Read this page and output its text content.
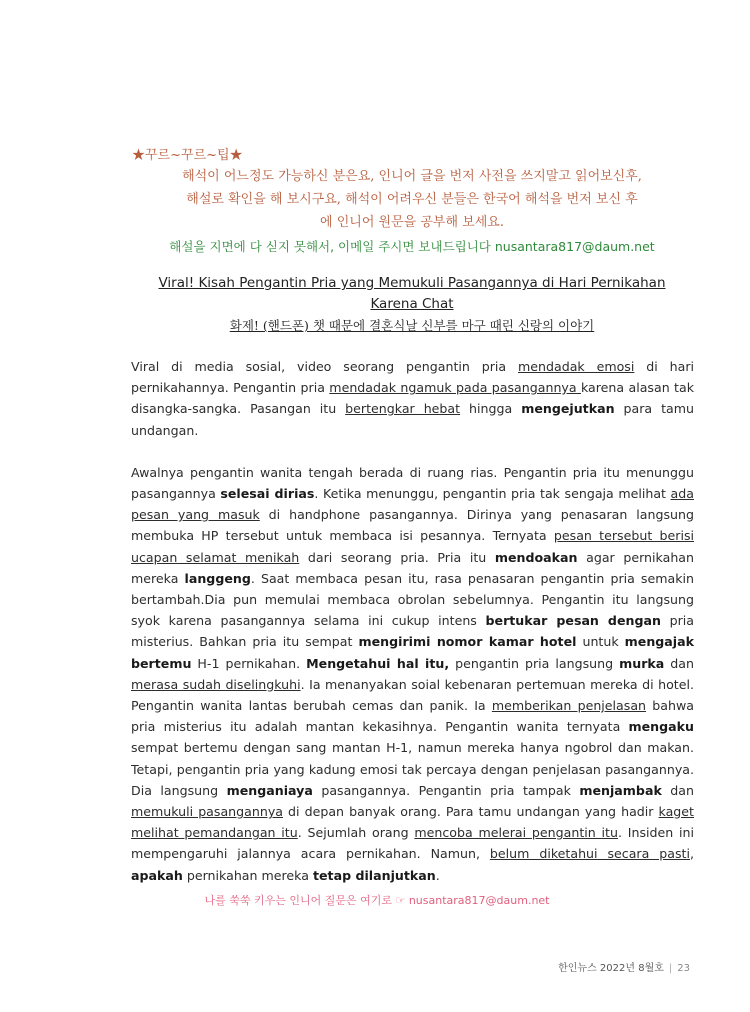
★꾸르~꾸르~팁★
해석이 어느정도 가능하신 분은요, 인니어 글을 번저 사전을 쓰지말고 읽어보신후,
해설로 확인을 해 보시구요, 해석이 어려우신 분들은 한국어 해석을 번저 보신 후
에 인니어 원문을 공부해 보세요.
해설을 지면에 다 싣지 못해서, 이메일 주시면 보내드립니다 nusantara817@daum.net
Viral! Kisah Pengantin Pria yang Memukuli Pasangannya di Hari Pernikahan
Karena Chat
화제! (핸드폰) 챗 때문에 결혼식날 신부를 마구 때린 신랑의 이야기

Viral di media sosial, video seorang pengantin pria mendadak emosi di hari pernikahannya. Pengantin pria mendadak ngamuk pada pasangannya karena alasan tak disangka-sangka. Pasangan itu bertengkar hebat hingga mengejutkan para tamu undangan.

Awalnya pengantin wanita tengah berada di ruang rias. Pengantin pria itu menunggu pasangannya selesai dirias. Ketika menunggu, pengantin pria tak sengaja melihat ada pesan yang masuk di handphone pasangannya. Dirinya yang penasaran langsung membuka HP tersebut untuk membaca isi pesannya. Ternyata pesan tersebut berisi ucapan selamat menikah dari seorang pria. Pria itu mendoakan agar pernikahan mereka langgeng. Saat membaca pesan itu, rasa penasaran pengantin pria semakin bertambah.Dia pun memulai membaca obrolan sebelumnya. Pengantin itu langsung syok karena pasangannya selama ini cukup intens bertukar pesan dengan pria misterius. Bahkan pria itu sempat mengirimi nomor kamar hotel untuk mengajak bertemu H-1 pernikahan. Mengetahui hal itu, pengantin pria langsung murka dan merasa sudah diselingkuhi. Ia menanyakan soial kebenaran pertemuan mereka di hotel. Pengantin wanita lantas berubah cemas dan panik. Ia memberikan penjelasan bahwa pria misterius itu adalah mantan kekasihnya. Pengantin wanita ternyata mengaku sempat bertemu dengan sang mantan H-1, namun mereka hanya ngobrol dan makan. Tetapi, pengantin pria yang kadung emosi tak percaya dengan penjelasan pasangannya. Dia langsung menganiaya pasangannya. Pengantin pria tampak menjambak dan memukuli pasangannya di depan banyak orang. Para tamu undangan yang hadir kaget melihat pemandangan itu. Sejumlah orang mencoba melerai pengantin itu. Insiden ini mempengaruhi jalannya acara pernikahan. Namun, belum diketahui secara pasti, apakah pernikahan mereka tetap dilanjutkan.

나를 쑥쑥 키우는 인니어 질문은 여기로 ☞ nusantara817@daum.net
한인뉴스 2022년 8월호 | 23
